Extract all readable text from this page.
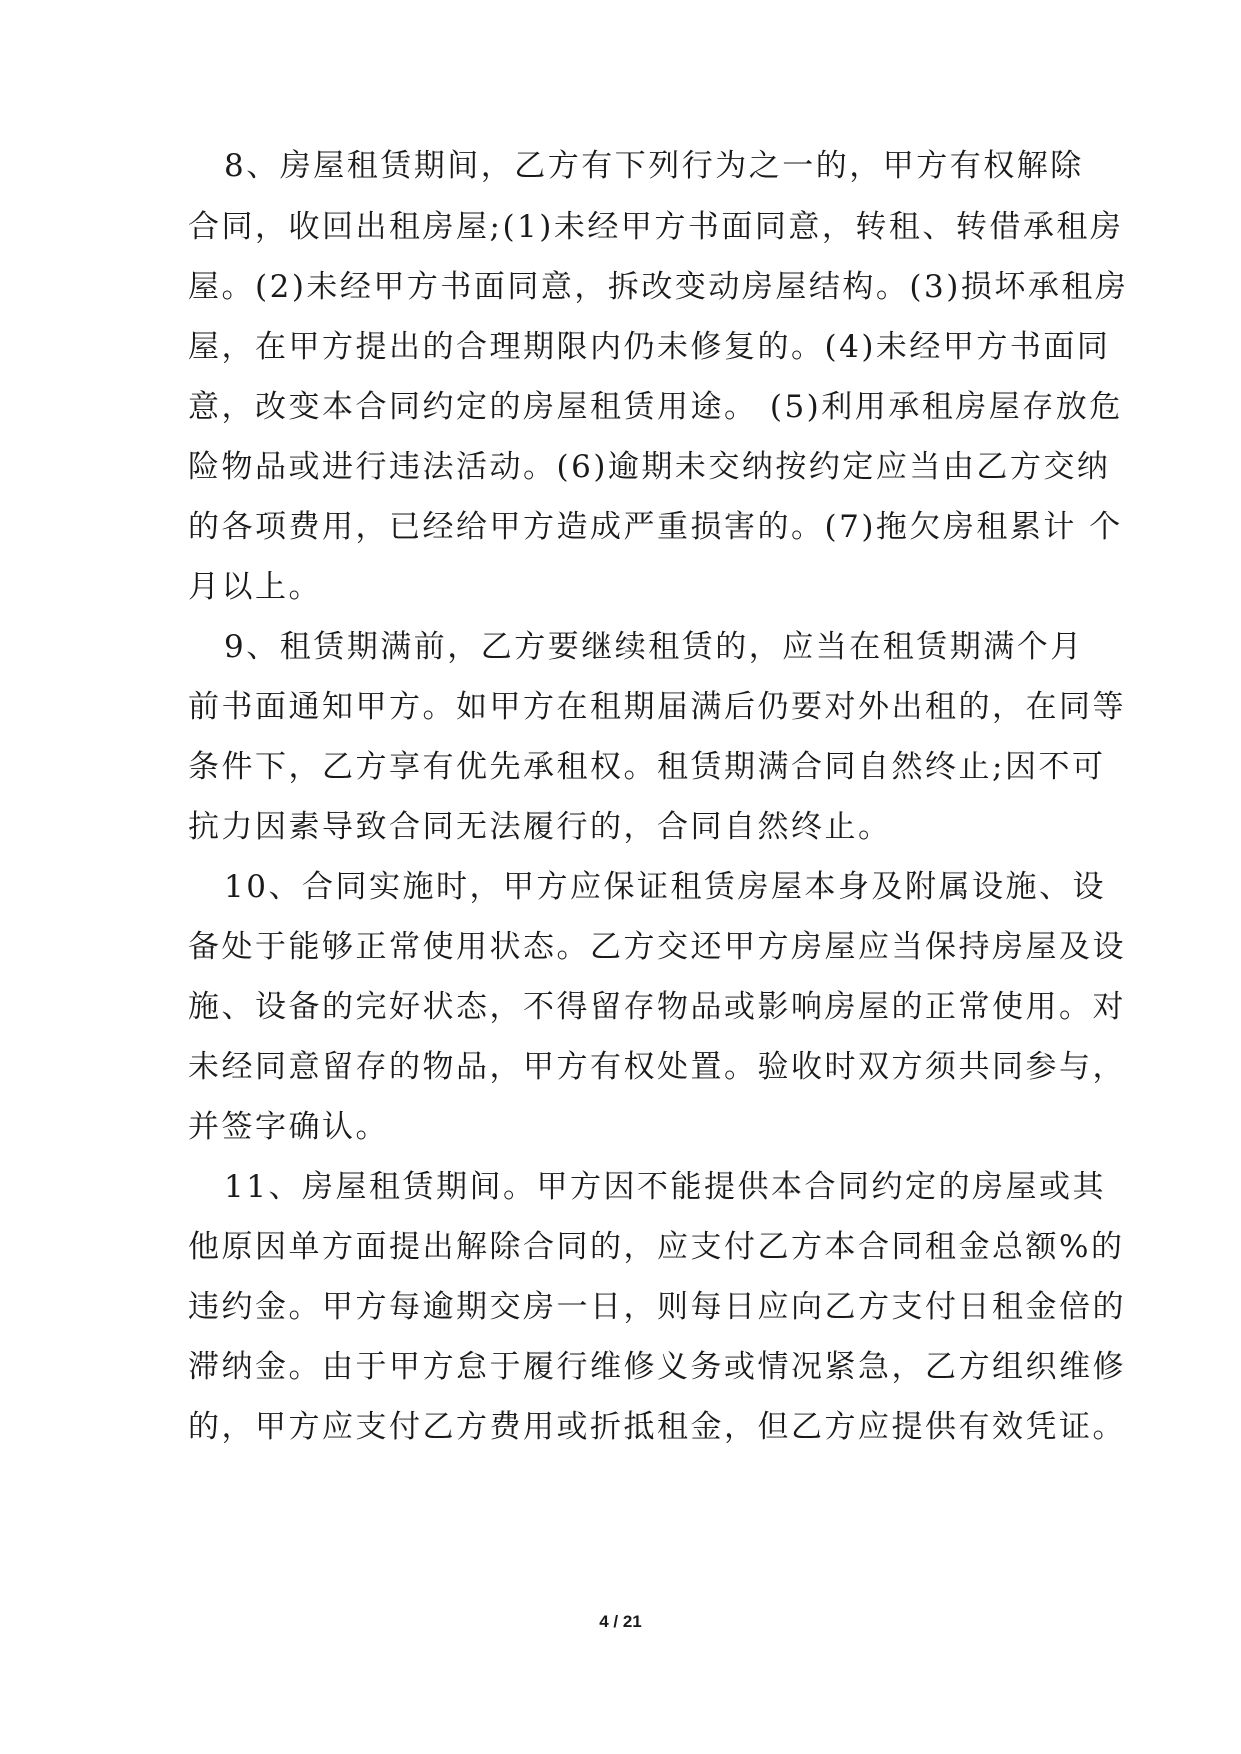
8、房屋租赁期间，乙方有下列行为之一的，甲方有权解除
合同，收回出租房屋;(1)未经甲方书面同意，转租、转借承租房
屋。(2)未经甲方书面同意，拆改变动房屋结构。(3)损坏承租房
屋，在甲方提出的合理期限内仍未修复的。(4)未经甲方书面同
意，改变本合同约定的房屋租赁用途。 (5)利用承租房屋存放危
险物品或进行违法活动。(6)逾期未交纳按约定应当由乙方交纳
的各项费用，已经给甲方造成严重损害的。(7)拖欠房租累计 个
月以上。
9、租赁期满前，乙方要继续租赁的，应当在租赁期满个月
前书面通知甲方。如甲方在租期届满后仍要对外出租的，在同等
条件下，乙方享有优先承租权。租赁期满合同自然终止;因不可
抗力因素导致合同无法履行的，合同自然终止。
10、合同实施时，甲方应保证租赁房屋本身及附属设施、设
备处于能够正常使用状态。乙方交还甲方房屋应当保持房屋及设
施、设备的完好状态，不得留存物品或影响房屋的正常使用。对
未经同意留存的物品，甲方有权处置。验收时双方须共同参与，
并签字确认。
11、房屋租赁期间。甲方因不能提供本合同约定的房屋或其
他原因单方面提出解除合同的，应支付乙方本合同租金总额%的
违约金。甲方每逾期交房一日，则每日应向乙方支付日租金倍的
滞纳金。由于甲方怠于履行维修义务或情况紧急，乙方组织维修
的，甲方应支付乙方费用或折抵租金，但乙方应提供有效凭证。
4 / 21
